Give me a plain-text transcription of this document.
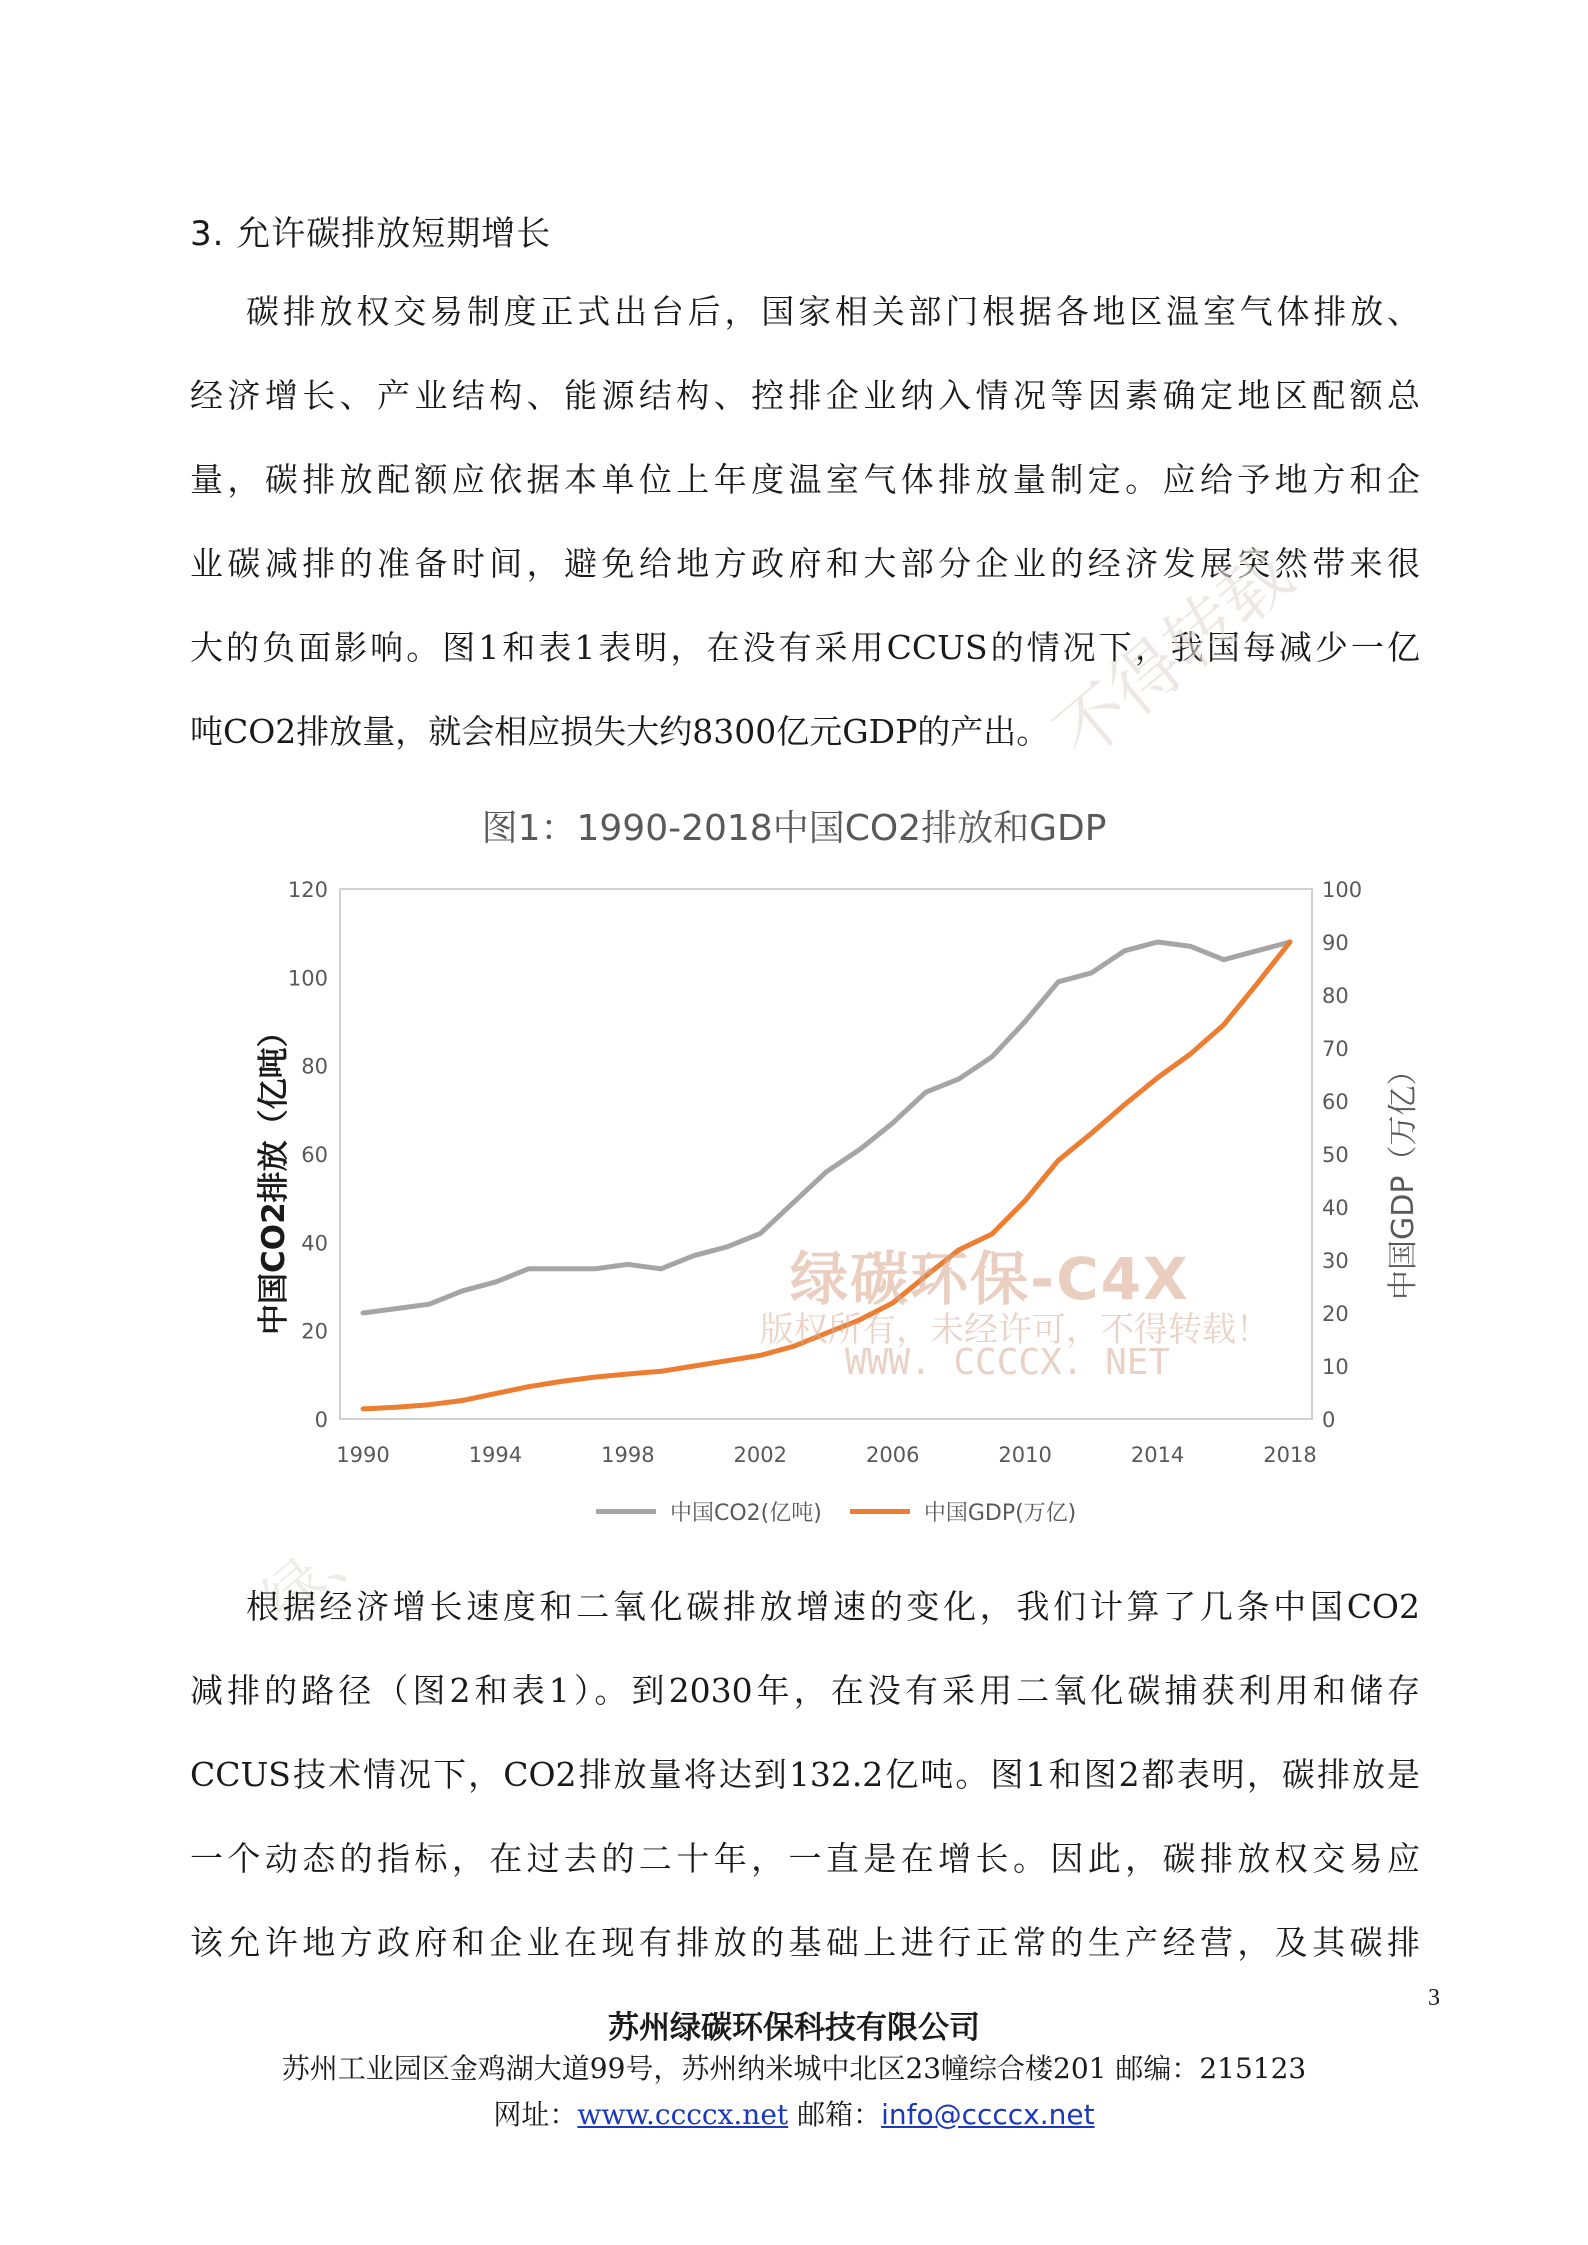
3. 允许碳排放短期增长
碳排放权交易制度正式出台后，国家相关部门根据各地区温室气体排放、
经济增长、产业结构、能源结构、控排企业纳入情况等因素确定地区配额总
量，碳排放配额应依据本单位上年度温室气体排放量制定。应给予地方和企
业碳减排的准备时间，避免给地方政府和大部分企业的经济发展突然带来很
大的负面影响。图1和表1表明，在没有采用CCUS的情况下，我国每减少一亿
吨CO2排放量，就会相应损失大约8300亿元GDP的产出。
不得转载
绿、
图1：1990-2018中国CO2排放和GDP
0
20
40
60
80
100
120
0
10
20
30
40
50
60
70
80
90
100
1990	1994	1998	2002	2006	2010	2014	2018
中国CO2排放（亿吨）	中国GDP（万亿）
中国CO2(亿吨)	中国GDP(万亿)
绿碳环保-C4X
版权所有，未经许可，不得转载！
WWW. CCCCX. NET
根据经济增长速度和二氧化碳排放增速的变化，我们计算了几条中国CO2
减排的路径（图2和表1）。到2030年，在没有采用二氧化碳捕获利用和储存
CCUS技术情况下，CO2排放量将达到132.2亿吨。图1和图2都表明，碳排放是
一个动态的指标，在过去的二十年，一直是在增长。因此，碳排放权交易应
该允许地方政府和企业在现有排放的基础上进行正常的生产经营，及其碳排
3
苏州绿碳环保科技有限公司
苏州工业园区金鸡湖大道99号，苏州纳米城中北区23幢综合楼201 邮编：215123
网址：www.ccccx.net 邮箱：info@ccccx.net
